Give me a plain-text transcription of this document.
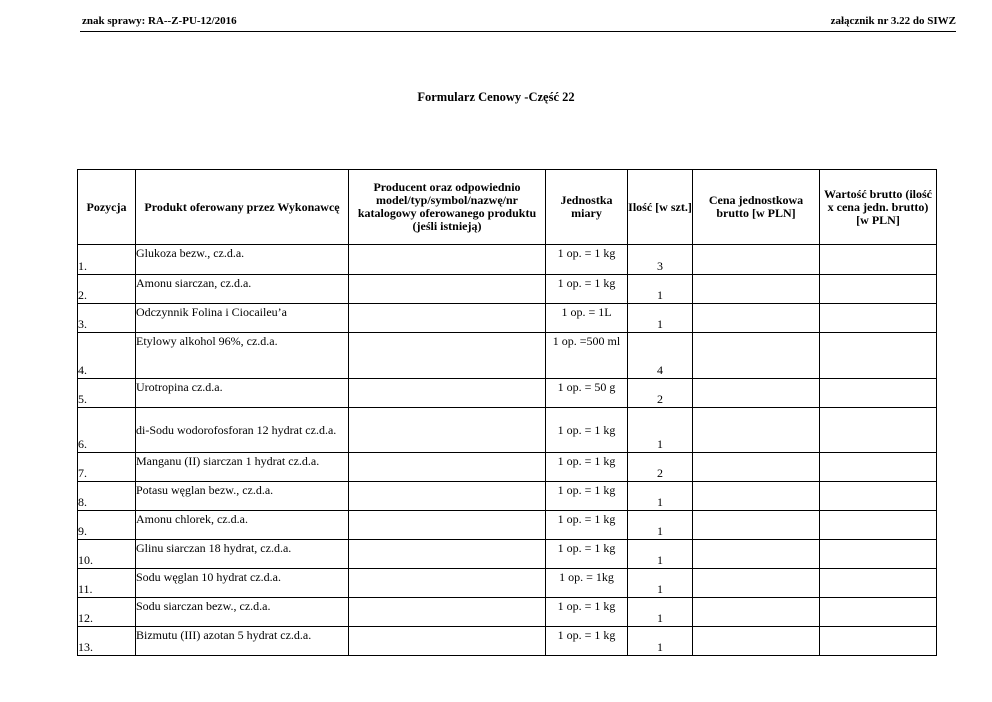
znak sprawy: RA--Z-PU-12/2016	załącznik nr 3.22 do SIWZ
Formularz Cenowy -Część 22
Pozycja	Produkt oferowany przez Wykonawcę	Producent oraz odpowiednio model/typ/symbol/nazwę/nr katalogowy oferowanego produktu (jeśli istnieją)	Jednostka miary	Ilość [w szt.]	Cena jednostkowa brutto [w PLN]	Wartość brutto (ilość x cena jedn. brutto) [w PLN]
1.	Glukoza bezw., cz.d.a.		1 op. = 1 kg	3		
2.	Amonu siarczan, cz.d.a.		1 op. = 1 kg	1		
3.	Odczynnik Folina i Ciocaileu’a		1 op. = 1L	1		
4.	Etylowy alkohol 96%, cz.d.a.		1 op. =500 ml	4		
5.	Urotropina cz.d.a.		1 op. = 50 g	2		
6.	di-Sodu wodorofosforan 12 hydrat cz.d.a.		1 op. = 1 kg	1		
7.	Manganu (II) siarczan 1 hydrat cz.d.a.		1 op. = 1 kg	2		
8.	Potasu węglan bezw., cz.d.a.		1 op. = 1 kg	1		
9.	Amonu chlorek, cz.d.a.		1 op. = 1 kg	1		
10.	Glinu siarczan 18 hydrat, cz.d.a.		1 op. = 1 kg	1		
11.	Sodu węglan 10 hydrat cz.d.a.		1 op. = 1kg	1		
12.	Sodu siarczan bezw., cz.d.a.		1 op. = 1 kg	1		
13.	Bizmutu (III) azotan 5 hydrat cz.d.a.		1 op. = 1 kg	1		
